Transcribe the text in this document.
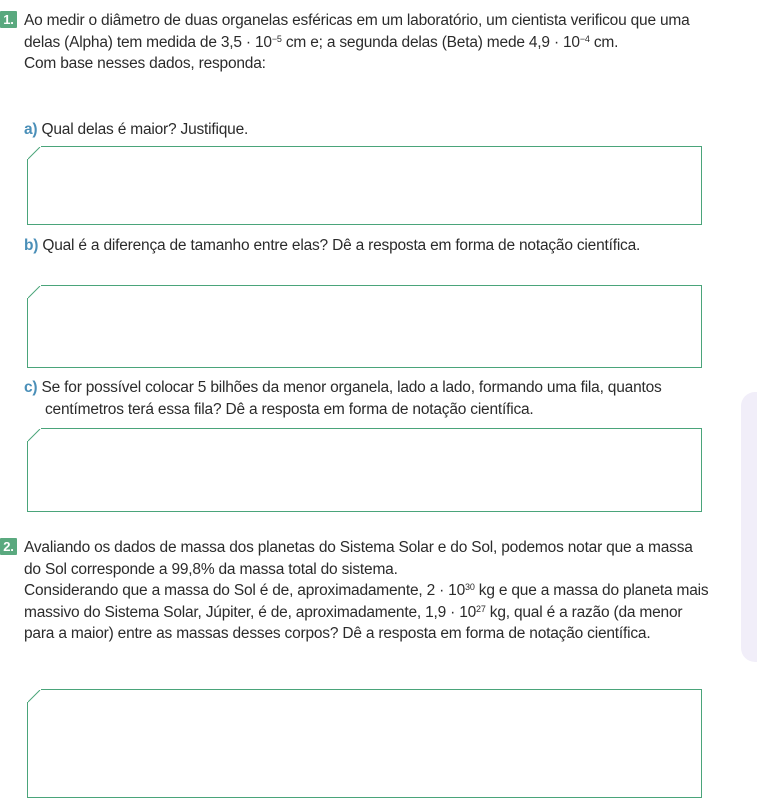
1. Ao medir o diâmetro de duas organelas esféricas em um laboratório, um cientista verificou que uma delas (Alpha) tem medida de $3,5 \cdot 10^{-5}$ cm e; a segunda delas (Beta) mede $4,9 \cdot 10^{-4}$ cm.
Com base nesses dados, responda:
a) Qual delas é maior? Justifique.
b) Qual é a diferença de tamanho entre elas? Dê a resposta em forma de notação científica.
c) Se for possível colocar 5 bilhões da menor organela, lado a lado, formando uma fila, quantos centímetros terá essa fila? Dê a resposta em forma de notação científica.
2. Avaliando os dados de massa dos planetas do Sistema Solar e do Sol, podemos notar que a massa do Sol corresponde a 99,8% da massa total do sistema.
Considerando que a massa do Sol é de, aproximadamente, $2 \cdot 10^{30}$ kg e que a massa do planeta mais massivo do Sistema Solar, Júpiter, é de, aproximadamente, $1,9 \cdot 10^{27}$ kg, qual é a razão (da menor para a maior) entre as massas desses corpos? Dê a resposta em forma de notação científica.
